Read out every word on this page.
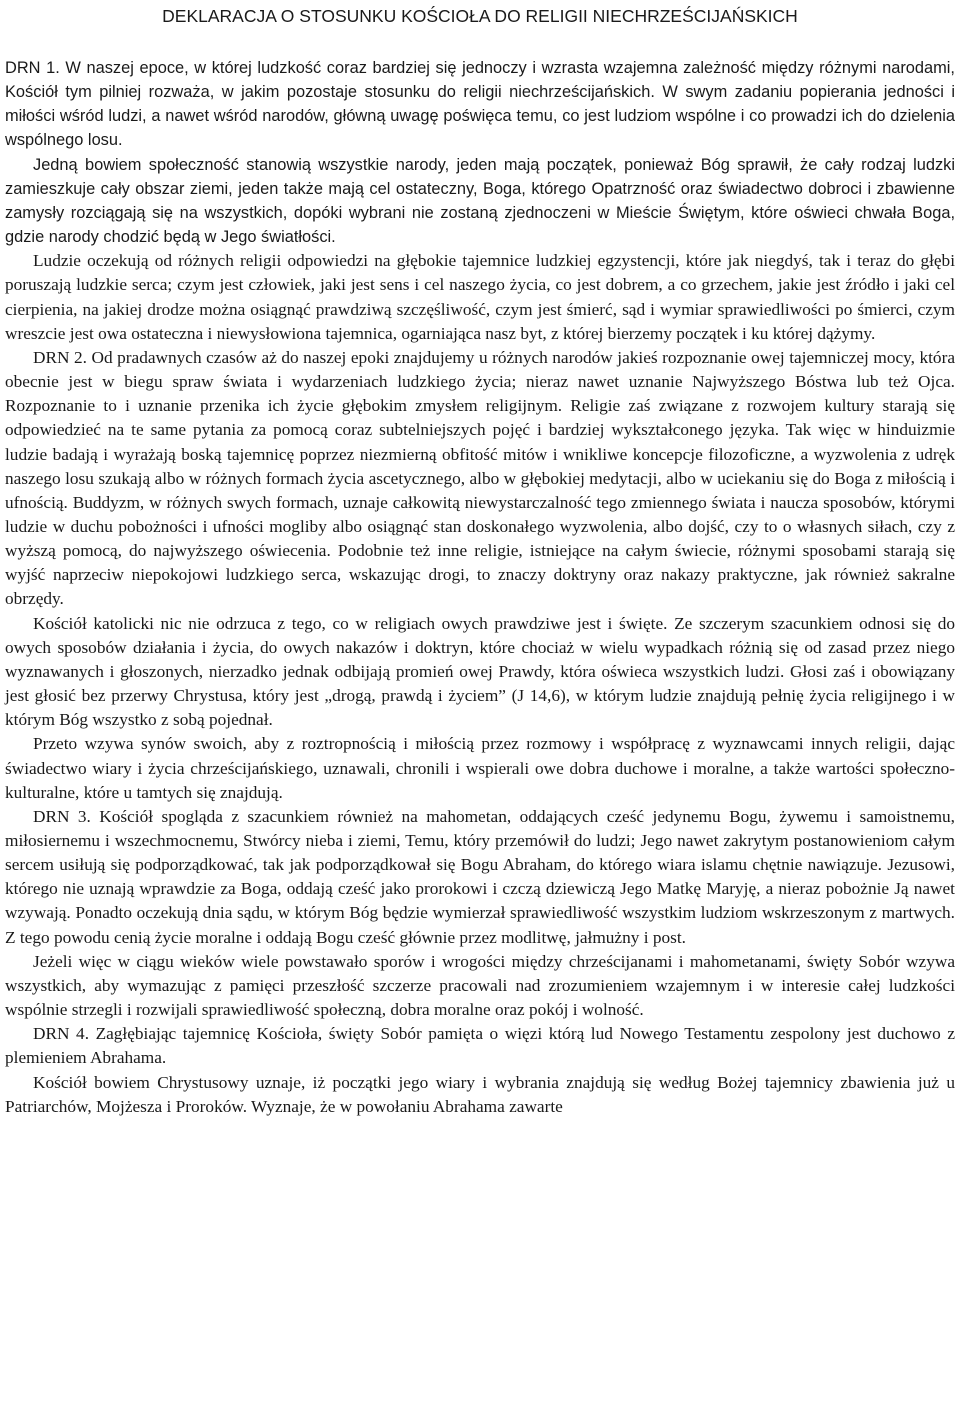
DEKLARACJA O STOSUNKU KOŚCIOŁA DO RELIGII NIECHRZEŚCIJAŃSKICH

DRN 1. W naszej epoce, w której ludzkość coraz bardziej się jednoczy i wzrasta wzajemna zależność między różnymi narodami, Kościół tym pilniej rozważa, w jakim pozostaje stosunku do religii niechrześcijańskich. W swym zadaniu popierania jedności i miłości wśród ludzi, a nawet wśród narodów, główną uwagę poświęca temu, co jest ludziom wspólne i co prowadzi ich do dzielenia wspólnego losu.

Jedną bowiem społeczność stanowią wszystkie narody, jeden mają początek, ponieważ Bóg sprawił, że cały rodzaj ludzki zamieszkuje cały obszar ziemi, jeden także mają cel ostateczny, Boga, którego Opatrzność oraz świadectwo dobroci i zbawienne zamysły rozciągają się na wszystkich, dopóki wybrani nie zostaną zjednoczeni w Mieście Świętym, które oświeci chwała Boga, gdzie narody chodzić będą w Jego światłości.

Ludzie oczekują od różnych religii odpowiedzi na głębokie tajemnice ludzkiej egzystencji, które jak niegdyś, tak i teraz do głębi poruszają ludzkie serca; czym jest człowiek, jaki jest sens i cel naszego życia, co jest dobrem, a co grzechem, jakie jest źródło i jaki cel cierpienia, na jakiej drodze można osiągnąć prawdziwą szczęśliwość, czym jest śmierć, sąd i wymiar sprawiedliwości po śmierci, czym wreszcie jest owa ostateczna i niewysłowiona tajemnica, ogarniająca nasz byt, z której bierzemy początek i ku której dążymy.

DRN 2. Od pradawnych czasów aż do naszej epoki znajdujemy u różnych narodów jakieś rozpoznanie owej tajemniczej mocy, która obecnie jest w biegu spraw świata i wydarzeniach ludzkiego życia; nieraz nawet uznanie Najwyższego Bóstwa lub też Ojca. Rozpoznanie to i uznanie przenika ich życie głębokim zmysłem religijnym. Religie zaś związane z rozwojem kultury starają się odpowiedzieć na te same pytania za pomocą coraz subtelniejszych pojęć i bardziej wykształconego języka. Tak więc w hinduizmie ludzie badają i wyrażają boską tajemnicę poprzez niezmierną obfitość mitów i wnikliwe koncepcje filozoficzne, a wyzwolenia z udręk naszego losu szukają albo w różnych formach życia ascetycznego, albo w głębokiej medytacji, albo w uciekaniu się do Boga z miłością i ufnością. Buddyzm, w różnych swych formach, uznaje całkowitą niewystarczalność tego zmiennego świata i naucza sposobów, którymi ludzie w duchu pobożności i ufności mogliby albo osiągnąć stan doskonałego wyzwolenia, albo dojść, czy to o własnych siłach, czy z wyższą pomocą, do najwyższego oświecenia. Podobnie też inne religie, istniejące na całym świecie, różnymi sposobami starają się wyjść naprzeciw niepokojowi ludzkiego serca, wskazując drogi, to znaczy doktryny oraz nakazy praktyczne, jak również sakralne obrzędy.

Kościół katolicki nic nie odrzuca z tego, co w religiach owych prawdziwe jest i święte. Ze szczerym szacunkiem odnosi się do owych sposobów działania i życia, do owych nakazów i doktryn, które chociaż w wielu wypadkach różnią się od zasad przez niego wyznawanych i głoszonych, nierzadko jednak odbijają promień owej Prawdy, która oświeca wszystkich ludzi. Głosi zaś i obowiązany jest głosić bez przerwy Chrystusa, który jest „drogą, prawdą i życiem” (J 14,6), w którym ludzie znajdują pełnię życia religijnego i w którym Bóg wszystko z sobą pojednał.

Przeto wzywa synów swoich, aby z roztropnością i miłością przez rozmowy i współpracę z wyznawcami innych religii, dając świadectwo wiary i życia chrześcijańskiego, uznawali, chronili i wspierali owe dobra duchowe i moralne, a także wartości społeczno-kulturalne, które u tamtych się znajdują.

DRN 3. Kościół spogląda z szacunkiem również na mahometan, oddających cześć jedynemu Bogu, żywemu i samoistnemu, miłosiernemu i wszechmocnemu, Stwórcy nieba i ziemi, Temu, który przemówił do ludzi; Jego nawet zakrytym postanowieniom całym sercem usiłują się podporządkować, tak jak podporządkował się Bogu Abraham, do którego wiara islamu chętnie nawiązuje. Jezusowi, którego nie uznają wprawdzie za Boga, oddają cześć jako prorokowi i czczą dziewiczą Jego Matkę Maryję, a nieraz pobożnie Ją nawet wzywają. Ponadto oczekują dnia sądu, w którym Bóg będzie wymierzał sprawiedliwość wszystkim ludziom wskrzeszonym z martwych. Z tego powodu cenią życie moralne i oddają Bogu cześć głównie przez modlitwę, jałmużny i post.

Jeżeli więc w ciągu wieków wiele powstawało sporów i wrogości między chrześcijanami i mahometanami, święty Sobór wzywa wszystkich, aby wymazując z pamięci przeszłość szczerze pracowali nad zrozumieniem wzajemnym i w interesie całej ludzkości wspólnie strzegli i rozwijali sprawiedliwość społeczną, dobra moralne oraz pokój i wolność.

DRN 4. Zagłębiając tajemnicę Kościoła, święty Sobór pamięta o więzi którą lud Nowego Testamentu zespolony jest duchowo z plemieniem Abrahama.

Kościół bowiem Chrystusowy uznaje, iż początki jego wiary i wybrania znajdują się według Bożej tajemnicy zbawienia już u Patriarchów, Mojżesza i Proroków. Wyznaje, że w powołaniu Abrahama zawarte
